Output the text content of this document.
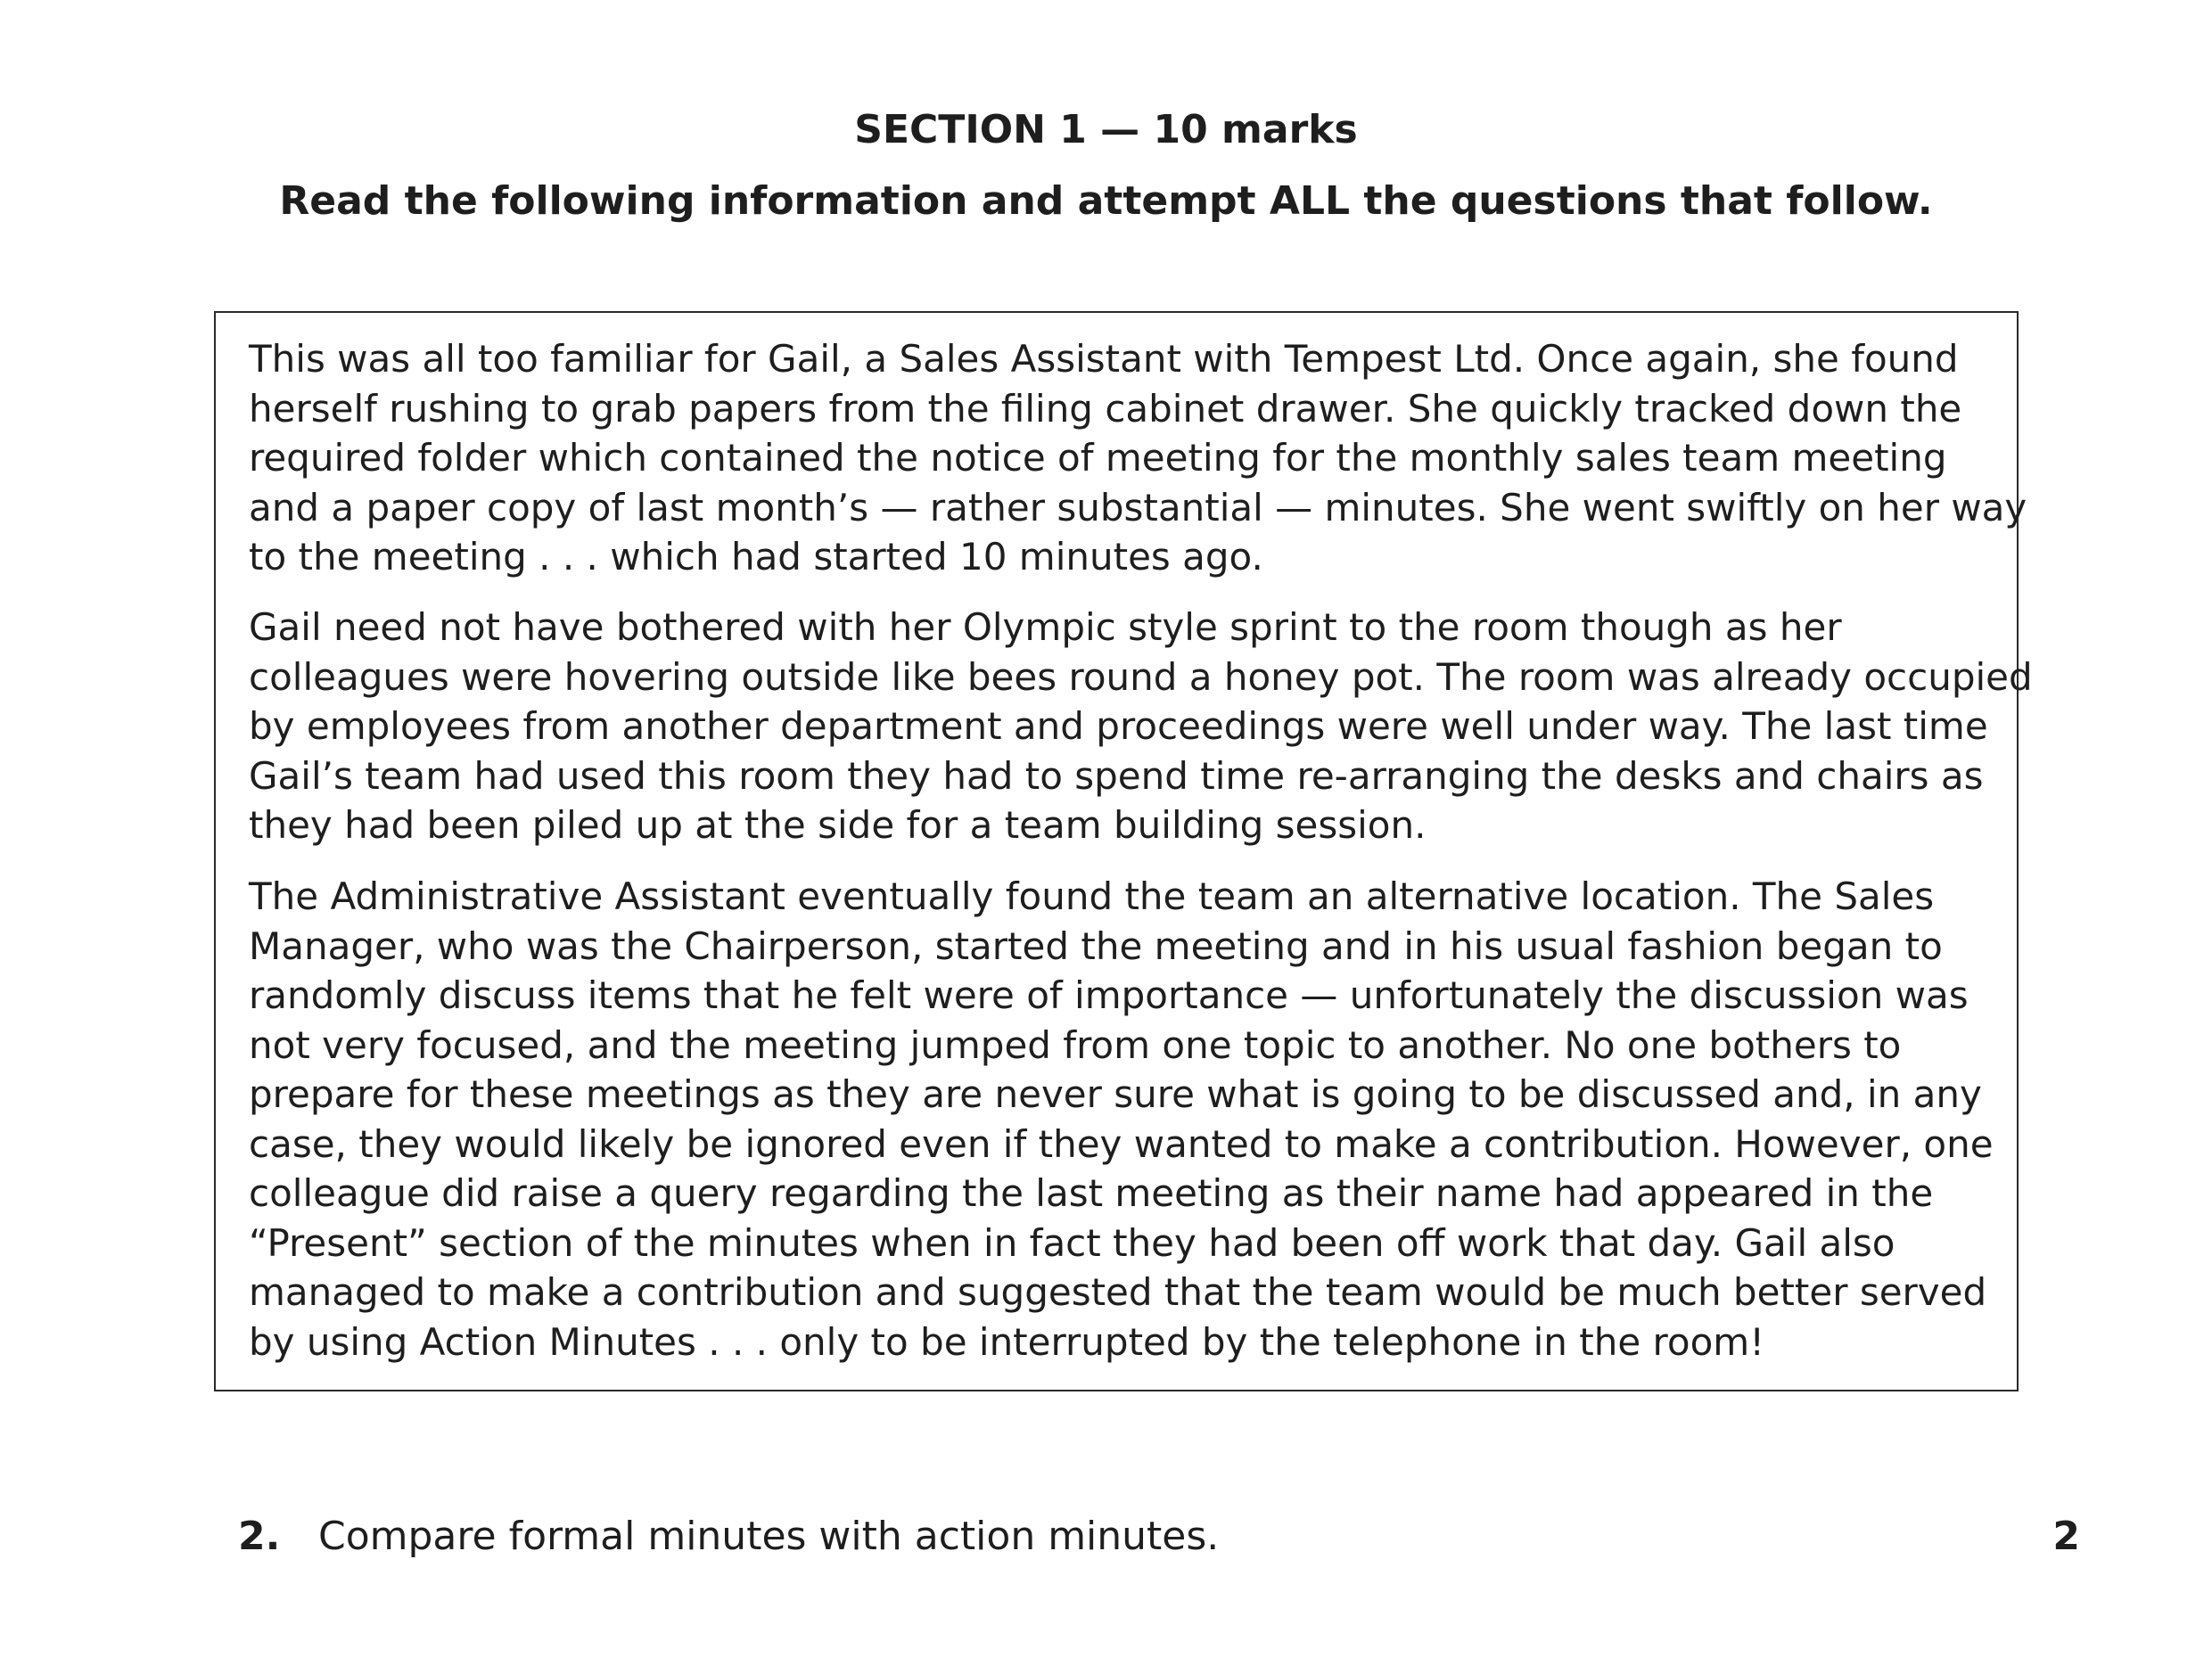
SECTION 1 — 10 marks
Read the following information and attempt ALL the questions that follow.

This was all too familiar for Gail, a Sales Assistant with Tempest Ltd. Once again, she found
herself rushing to grab papers from the filing cabinet drawer. She quickly tracked down the
required folder which contained the notice of meeting for the monthly sales team meeting
and a paper copy of last month’s — rather substantial — minutes. She went swiftly on her way
to the meeting . . . which had started 10 minutes ago.

Gail need not have bothered with her Olympic style sprint to the room though as her
colleagues were hovering outside like bees round a honey pot. The room was already occupied
by employees from another department and proceedings were well under way. The last time
Gail’s team had used this room they had to spend time re-arranging the desks and chairs as
they had been piled up at the side for a team building session.

The Administrative Assistant eventually found the team an alternative location. The Sales
Manager, who was the Chairperson, started the meeting and in his usual fashion began to
randomly discuss items that he felt were of importance — unfortunately the discussion was
not very focused, and the meeting jumped from one topic to another. No one bothers to
prepare for these meetings as they are never sure what is going to be discussed and, in any
case, they would likely be ignored even if they wanted to make a contribution. However, one
colleague did raise a query regarding the last meeting as their name had appeared in the
“Present” section of the minutes when in fact they had been off work that day. Gail also
managed to make a contribution and suggested that the team would be much better served
by using Action Minutes . . . only to be interrupted by the telephone in the room!

2. Compare formal minutes with action minutes.	2
